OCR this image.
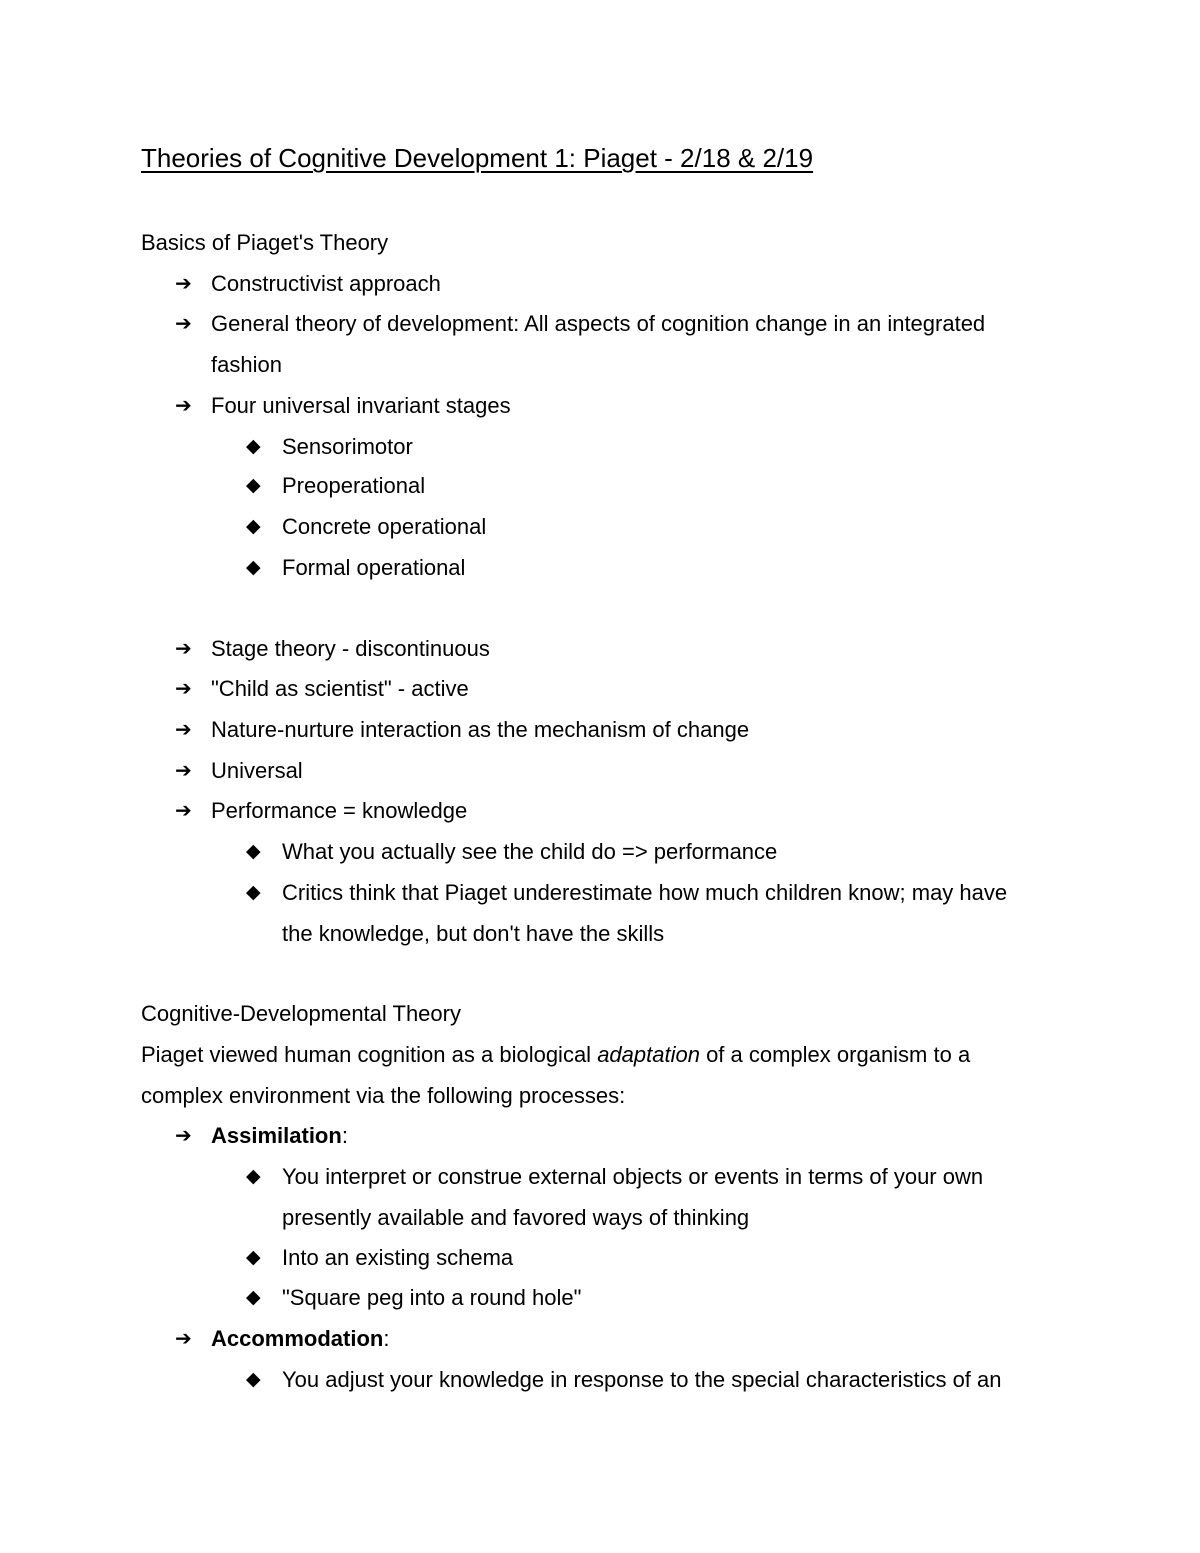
Theories of Cognitive Development 1: Piaget - 2/18 & 2/19
Basics of Piaget's Theory
➔ Constructivist approach
➔ General theory of development: All aspects of cognition change in an integrated
fashion
➔ Four universal invariant stages
◆ Sensorimotor
◆ Preoperational
◆ Concrete operational
◆ Formal operational
➔ Stage theory - discontinuous
➔ "Child as scientist" - active
➔ Nature-nurture interaction as the mechanism of change
➔ Universal
➔ Performance = knowledge
◆ What you actually see the child do => performance
◆ Critics think that Piaget underestimate how much children know; may have
the knowledge, but don't have the skills
Cognitive-Developmental Theory
Piaget viewed human cognition as a biological adaptation of a complex organism to a
complex environment via the following processes:
➔ Assimilation:
◆ You interpret or construe external objects or events in terms of your own
presently available and favored ways of thinking
◆ Into an existing schema
◆ "Square peg into a round hole"
➔ Accommodation:
◆ You adjust your knowledge in response to the special characteristics of an
